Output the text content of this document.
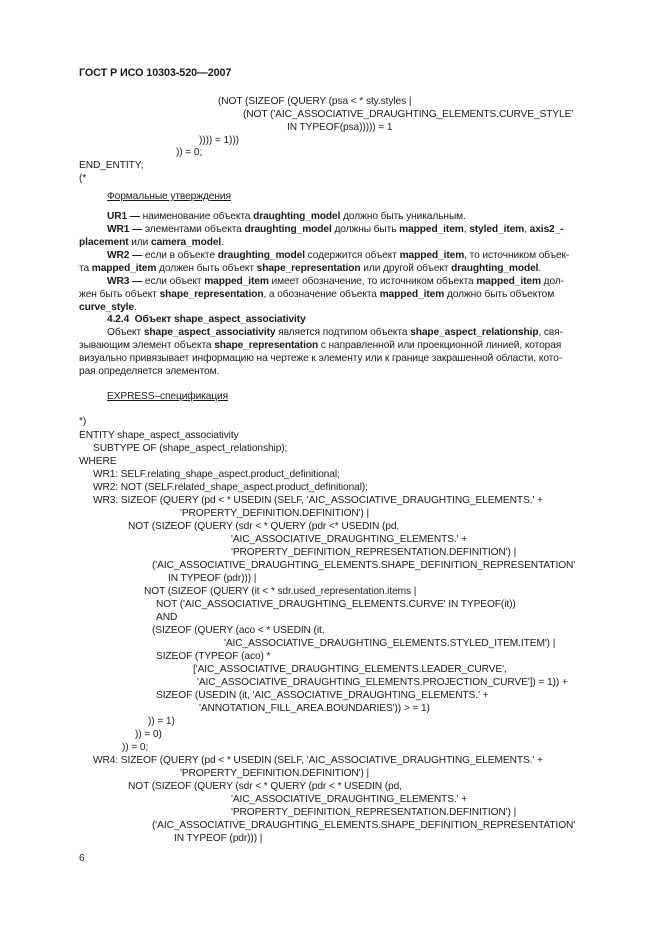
ГОСТ Р ИСО 10303-520—2007
(NOT (SIZEOF (QUERY (psa < * sty.styles |
(NOT ('AIC_ASSOCIATIVE_DRAUGHTING_ELEMENTS.CURVE_STYLE'
IN TYPEOF(psa))))) = 1
)))) = 1)))
)) = 0;
END_ENTITY;
(*
Формальные утверждения
UR1 — наименование объекта draughting_model должно быть уникальным.
WR1 — элементами объекта draughting_model должны быть mapped_item, styled_item, axis2_-
placement или camera_model.
WR2 — если в объекте draughting_model содержится объект mapped_item, то источником объек-
та mapped_item должен быть объект shape_representation или другой объект draughting_model.
WR3 — если объект mapped_item имеет обозначение, то источником объекта mapped_item дол-
жен быть объект shape_representation, а обозначение объекта mapped_item должно быть объектом
curve_style.
4.2.4 Объект shape_aspect_associativity
Объект shape_aspect_associativity является подтипом объекта shape_aspect_relationship, свя-
зывающим элемент объекта shape_representation с направленной или проекционной линией, которая
визуально привязывает информацию на чертеже к элементу или к границе закрашенной области, кото-
рая определяется элементом.
EXPRESS–спецификация
*)
ENTITY shape_aspect_associativity
SUBTYPE OF (shape_aspect_relationship);
WHERE
WR1: SELF.relating_shape_aspect.product_definitional;
WR2: NOT (SELF.related_shape_aspect.product_definitional);
WR3: SIZEOF (QUERY (pd < * USEDIN (SELF, 'AIC_ASSOCIATIVE_DRAUGHTING_ELEMENTS.' +
'PROPERTY_DEFINITION.DEFINITION') |
NOT (SIZEOF (QUERY (sdr < * QUERY (pdr <* USEDIN (pd,
'AIC_ASSOCIATIVE_DRAUGHTING_ELEMENTS.' +
'PROPERTY_DEFINITION_REPRESENTATION.DEFINITION') |
('AIC_ASSOCIATIVE_DRAUGHTING_ELEMENTS.SHAPE_DEFINITION_REPRESENTATION'
IN TYPEOF (pdr))) |
NOT (SIZEOF (QUERY (it < * sdr.used_representation.items |
NOT ('AIC_ASSOCIATIVE_DRAUGHTING_ELEMENTS.CURVE' IN TYPEOF(it))
AND
(SIZEOF (QUERY (aco < * USEDIN (it,
'AIC_ASSOCIATIVE_DRAUGHTING_ELEMENTS.STYLED_ITEM.ITEM') |
SIZEOF (TYPEOF (aco) *
['AIC_ASSOCIATIVE_DRAUGHTING_ELEMENTS.LEADER_CURVE',
'AIC_ASSOCIATIVE_DRAUGHTING_ELEMENTS.PROJECTION_CURVE']) = 1)) +
SIZEOF (USEDIN (it, 'AIC_ASSOCIATIVE_DRAUGHTING_ELEMENTS.' +
'ANNOTATION_FILL_AREA.BOUNDARIES')) > = 1)
)) = 1)
)) = 0)
)) = 0;
WR4: SIZEOF (QUERY (pd < * USEDIN (SELF, 'AIC_ASSOCIATIVE_DRAUGHTING_ELEMENTS.' +
'PROPERTY_DEFINITION.DEFINITION') |
NOT (SIZEOF (QUERY (sdr < * QUERY (pdr < * USEDIN (pd,
'AIC_ASSOCIATIVE_DRAUGHTING_ELEMENTS.' +
'PROPERTY_DEFINITION_REPRESENTATION.DEFINITION') |
('AIC_ASSOCIATIVE_DRAUGHTING_ELEMENTS.SHAPE_DEFINITION_REPRESENTATION'
IN TYPEOF (pdr))) |
6
